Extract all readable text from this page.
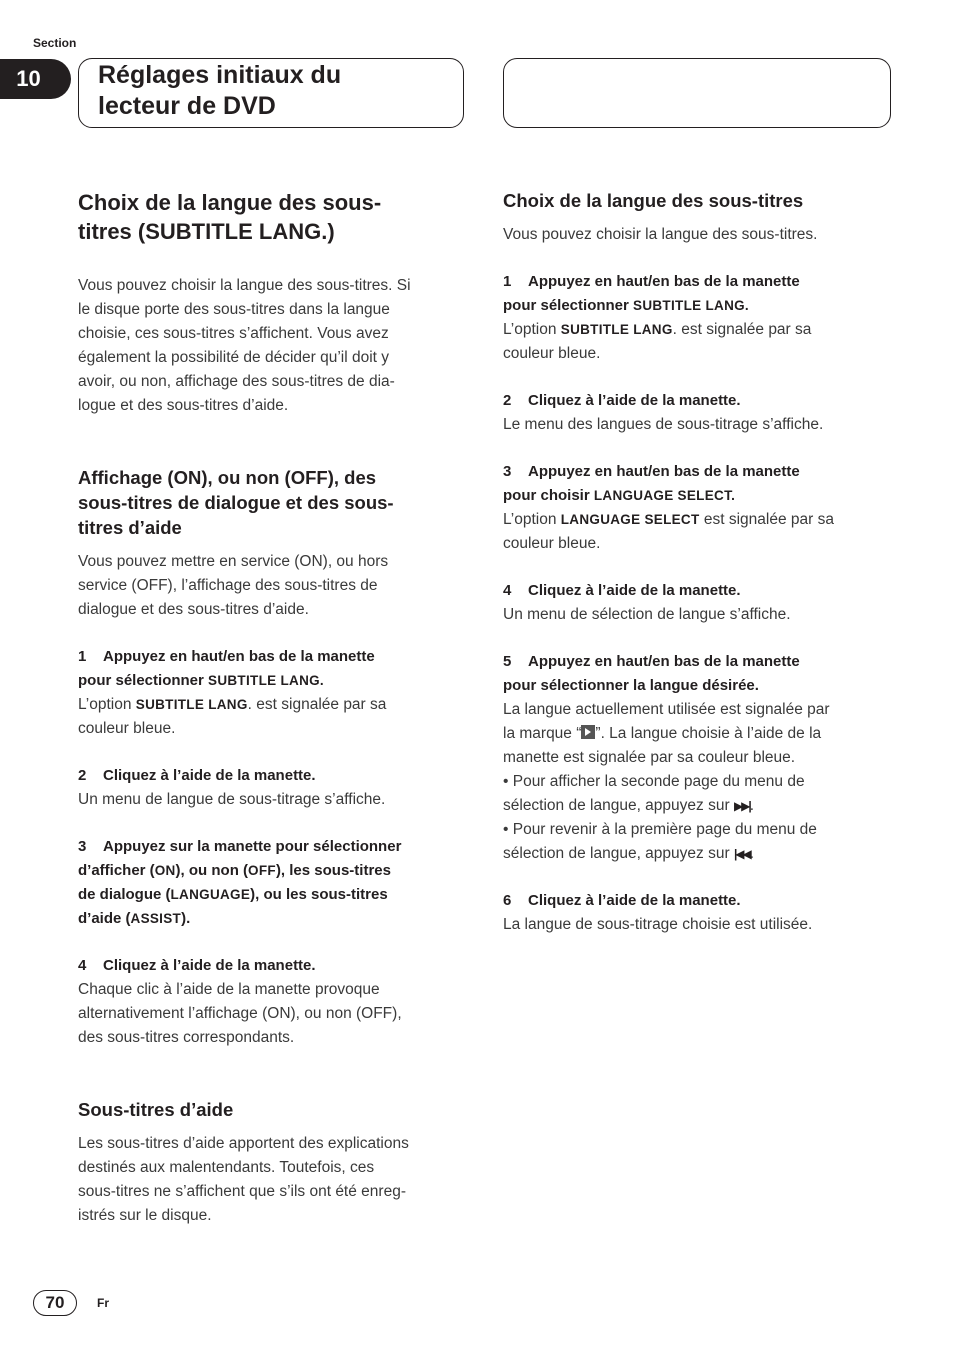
Section
10	Réglages initiaux du
lecteur de DVD
Choix de la langue des sous-
titres (SUBTITLE LANG.)

Vous pouvez choisir la langue des sous-titres. Si

le disque porte des sous-titres dans la langue

choisie, ces sous-titres s’affichent. Vous avez

également la possibilité de décider qu’il doit y

avoir, ou non, affichage des sous-titres de dia-

logue et des sous-titres d’aide.

Affichage (ON), ou non (OFF), des
sous-titres de dialogue et des sous-
titres d’aide

Vous pouvez mettre en service (ON), ou hors

service (OFF), l’affichage des sous-titres de

dialogue et des sous-titres d’aide.

1 Appuyez en haut/en bas de la manette

pour sélectionner SUBTITLE LANG.

L’option SUBTITLE LANG. est signalée par sa

couleur bleue.

2 Cliquez à l’aide de la manette.

Un menu de langue de sous-titrage s’affiche.

3 Appuyez sur la manette pour sélectionner

d’afficher (ON), ou non (OFF), les sous-titres

de dialogue (LANGUAGE), ou les sous-titres

d’aide (ASSIST).

4 Cliquez à l’aide de la manette.

Chaque clic à l’aide de la manette provoque

alternativement l’affichage (ON), ou non (OFF),

des sous-titres correspondants.

Sous-titres d’aide

Les sous-titres d’aide apportent des explications

destinés aux malentendants. Toutefois, ces

sous-titres ne s’affichent que s’ils ont été enreg-

istrés sur le disque.

Choix de la langue des sous-titres

Vous pouvez choisir la langue des sous-titres.

1 Appuyez en haut/en bas de la manette

pour sélectionner SUBTITLE LANG.

L’option SUBTITLE LANG. est signalée par sa

couleur bleue.

2 Cliquez à l’aide de la manette.

Le menu des langues de sous-titrage s’affiche.

3 Appuyez en haut/en bas de la manette

pour choisir LANGUAGE SELECT.

L’option LANGUAGE SELECT est signalée par sa

couleur bleue.

4 Cliquez à l’aide de la manette.

Un menu de sélection de langue s’affiche.

5 Appuyez en haut/en bas de la manette

pour sélectionner la langue désirée.

La langue actuellement utilisée est signalée par

la marque “ ”. La langue choisie à l’aide de la

manette est signalée par sa couleur bleue.

• Pour afficher la seconde page du menu de

sélection de langue, appuyez sur ▶▶|.

• Pour revenir à la première page du menu de

sélection de langue, appuyez sur |◀◀.

6 Cliquez à l’aide de la manette.

La langue de sous-titrage choisie est utilisée.

70	Fr
